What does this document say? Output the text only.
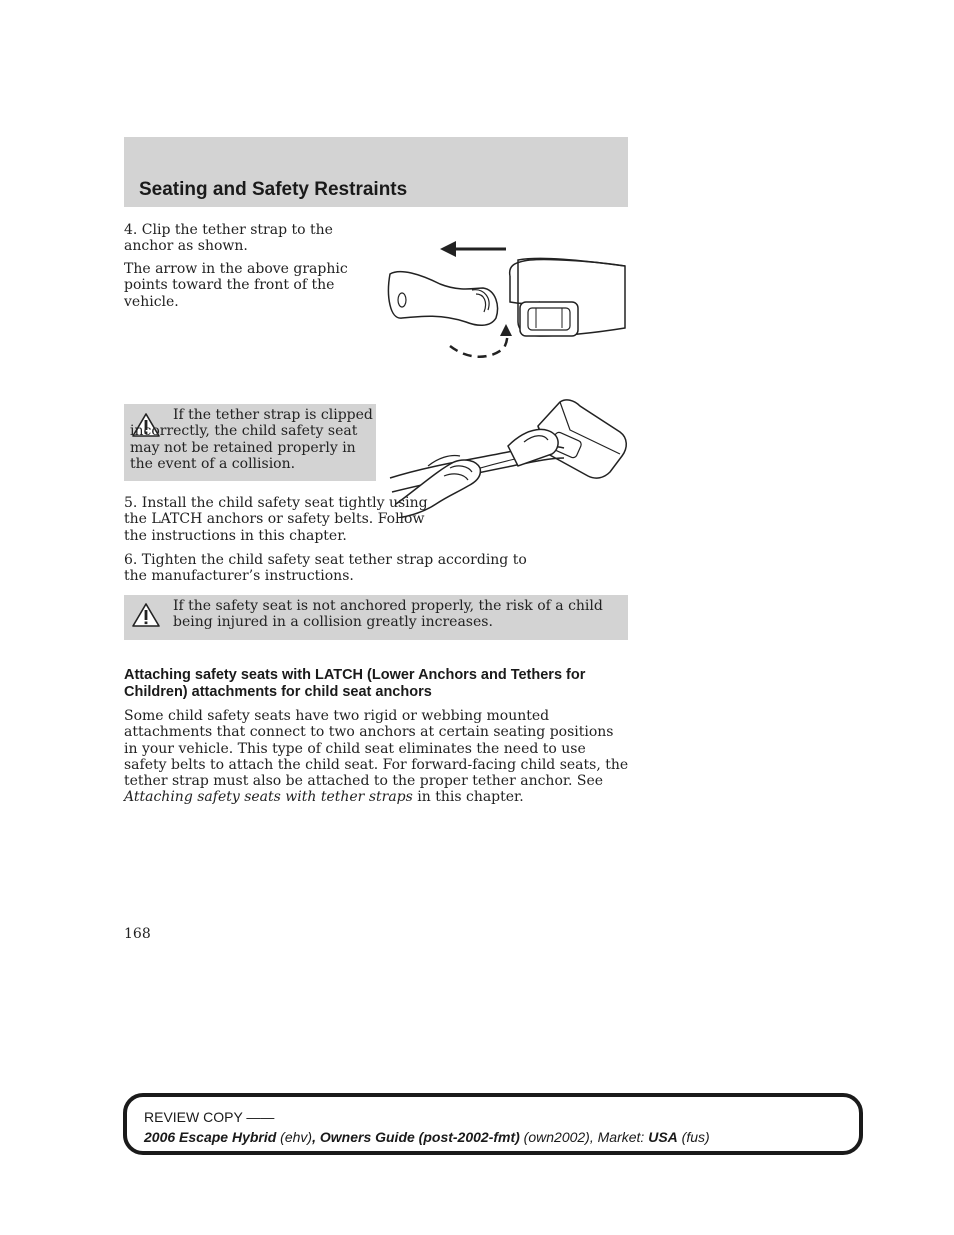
Seating and Safety Restraints

4. Clip the tether strap to the anchor as shown.

The arrow in the above graphic points toward the front of the vehicle.

If the tether strap is clipped incorrectly, the child safety seat may not be retained properly in the event of a collision.

5. Install the child safety seat tightly using the LATCH anchors or safety belts. Follow the instructions in this chapter.

6. Tighten the child safety seat tether strap according to the manufacturer’s instructions.

If the safety seat is not anchored properly, the risk of a child being injured in a collision greatly increases.
Attaching safety seats with LATCH (Lower Anchors and Tethers for Children) attachments for child seat anchors

Some child safety seats have two rigid or webbing mounted attachments that connect to two anchors at certain seating positions in your vehicle. This type of child seat eliminates the need to use safety belts to attach the child seat. For forward-facing child seats, the tether strap must also be attached to the proper tether anchor. See Attaching safety seats with tether straps in this chapter.

168
REVIEW COPY ——
2006 Escape Hybrid (ehv), Owners Guide (post-2002-fmt) (own2002), Market: USA (fus)
